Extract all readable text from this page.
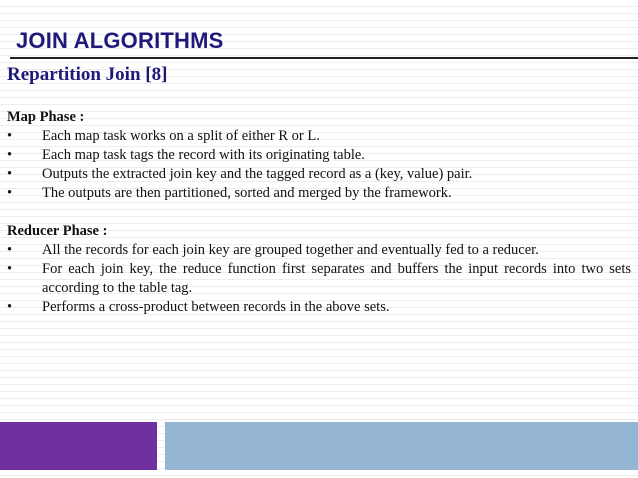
JOIN ALGORITHMS
Repartition Join [8]

Map Phase :

•	Each map task works on a split of either R or L.
•	Each map task tags the record with its originating table.
•	Outputs the extracted join key and the tagged record as a (key, value) pair.
•	The outputs are then partitioned, sorted and merged by the framework.

Reducer Phase :

•	All the records for each join key are grouped together and eventually fed to a reducer.
•	For each join key, the reduce function first separates and buffers the input records into two sets according to the table tag.
•	Performs a cross-product between records in the above sets.
